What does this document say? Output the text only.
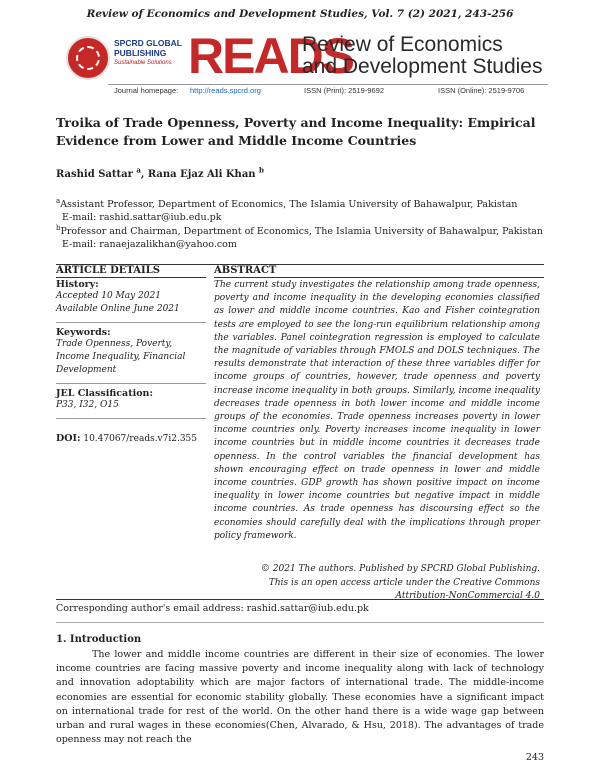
Review of Economics and Development Studies, Vol. 7 (2) 2021, 243-256
SPCRD GLOBAL
PUBLISHING
Sustainable Solutions READS
Review of Economics
and Development Studies
Journal homepage: http://reads.spcrd.org	ISSN (Print): 2519-9692	ISSN (Online): 2519-9706
Troika of Trade Openness, Poverty and Income Inequality: Empirical Evidence from Lower and Middle Income Countries
Rashid Sattar $^a$, Rana Ejaz Ali Khan $^b$
$^a$Assistant Professor, Department of Economics, The Islamia University of Bahawalpur, Pakistan
E-mail: rashid.sattar@iub.edu.pk
$^b$Professor and Chairman, Department of Economics, The Islamia University of Bahawalpur, Pakistan
E-mail: ranaejazalikhan@yahoo.com
ARTICLE DETAILS	ABSTRACT
History:
Accepted 10 May 2021
Available Online June 2021
Keywords:
Trade Openness, Poverty, Income Inequality, Financial Development
JEL Classification:
P33, I32, O15
DOI: 10.47067/reads.v7i2.355
The current study investigates the relationship among trade openness, poverty and income inequality in the developing economies classified as lower and middle income countries. Kao and Fisher cointegration tests are employed to see the long-run equilibrium relationship among the variables. Panel cointegration regression is employed to calculate the magnitude of variables through FMOLS and DOLS techniques. The results demonstrate that interaction of these three variables differ for income groups of countries, however, trade openness and poverty increase income inequality in both groups. Similarly, income inequality decreases trade openness in both lower income and middle income groups of the economies. Trade openness increases poverty in lower income countries only. Poverty increases income inequality in lower income countries but in middle income countries it decreases trade openness. In the control variables the financial development has shown encouraging effect on trade openness in lower and middle income countries. GDP growth has shown positive impact on income inequality in lower income countries but negative impact in middle income countries. As trade openness has discoursing effect so the economies should carefully deal with the implications through proper policy framework.
© 2021 The authors. Published by SPCRD Global Publishing. This is an open access article under the Creative Commons Attribution-NonCommercial 4.0
Corresponding author's email address: rashid.sattar@iub.edu.pk
1. Introduction
The lower and middle income countries are different in their size of economies. The lower income countries are facing massive poverty and income inequality along with lack of technology and innovation adoptability which are major factors of international trade. The middle-income economies are essential for economic stability globally. These economies have a significant impact on international trade for rest of the world. On the other hand there is a wide wage gap between urban and rural wages in these economies(Chen, Alvarado, & Hsu, 2018). The advantages of trade openness may not reach the
243
